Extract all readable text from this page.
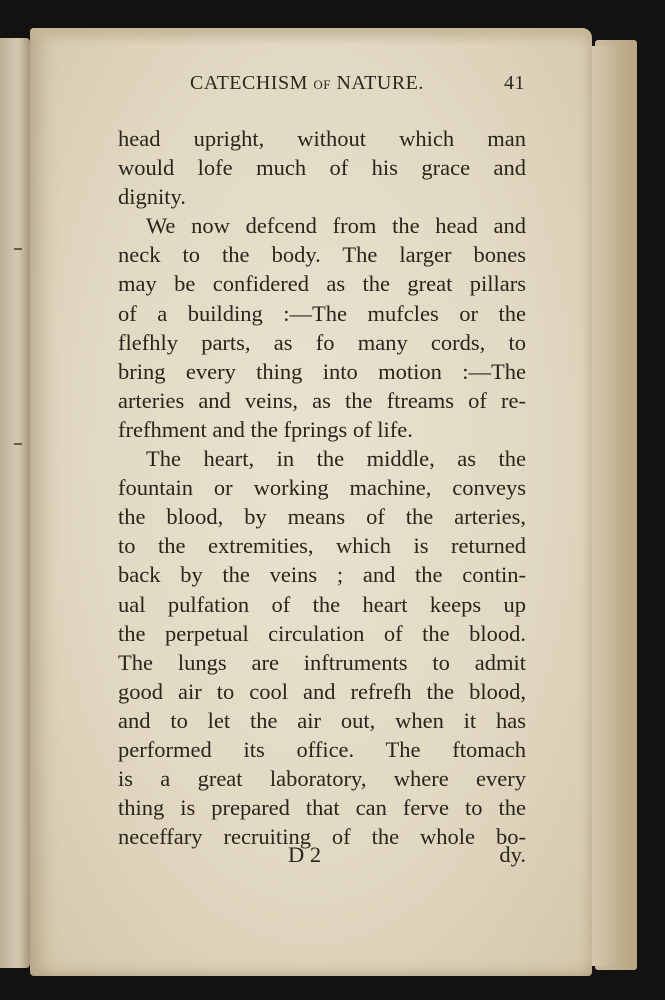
CATECHISM OF NATURE.	41
head upright, without which man
would lofe much of his grace and
dignity.
We now defcend from the head and
neck to the body. The larger bones
may be confidered as the great pillars
of a building :—The mufcles or the
flefhly parts, as fo many cords, to
bring every thing into motion :—The
arteries and veins, as the ftreams of re-
frefhment and the fprings of life.
The heart, in the middle, as the
fountain or working machine, conveys
the blood, by means of the arteries,
to the extremities, which is returned
back by the veins ; and the contin-
ual pulfation of the heart keeps up
the perpetual circulation of the blood.
The lungs are inftruments to admit
good air to cool and refrefh the blood,
and to let the air out, when it has
performed its office. The ftomach
is a great laboratory, where every
thing is prepared that can ferve to the
neceffary recruiting of the whole bo-
D 2	dy.
